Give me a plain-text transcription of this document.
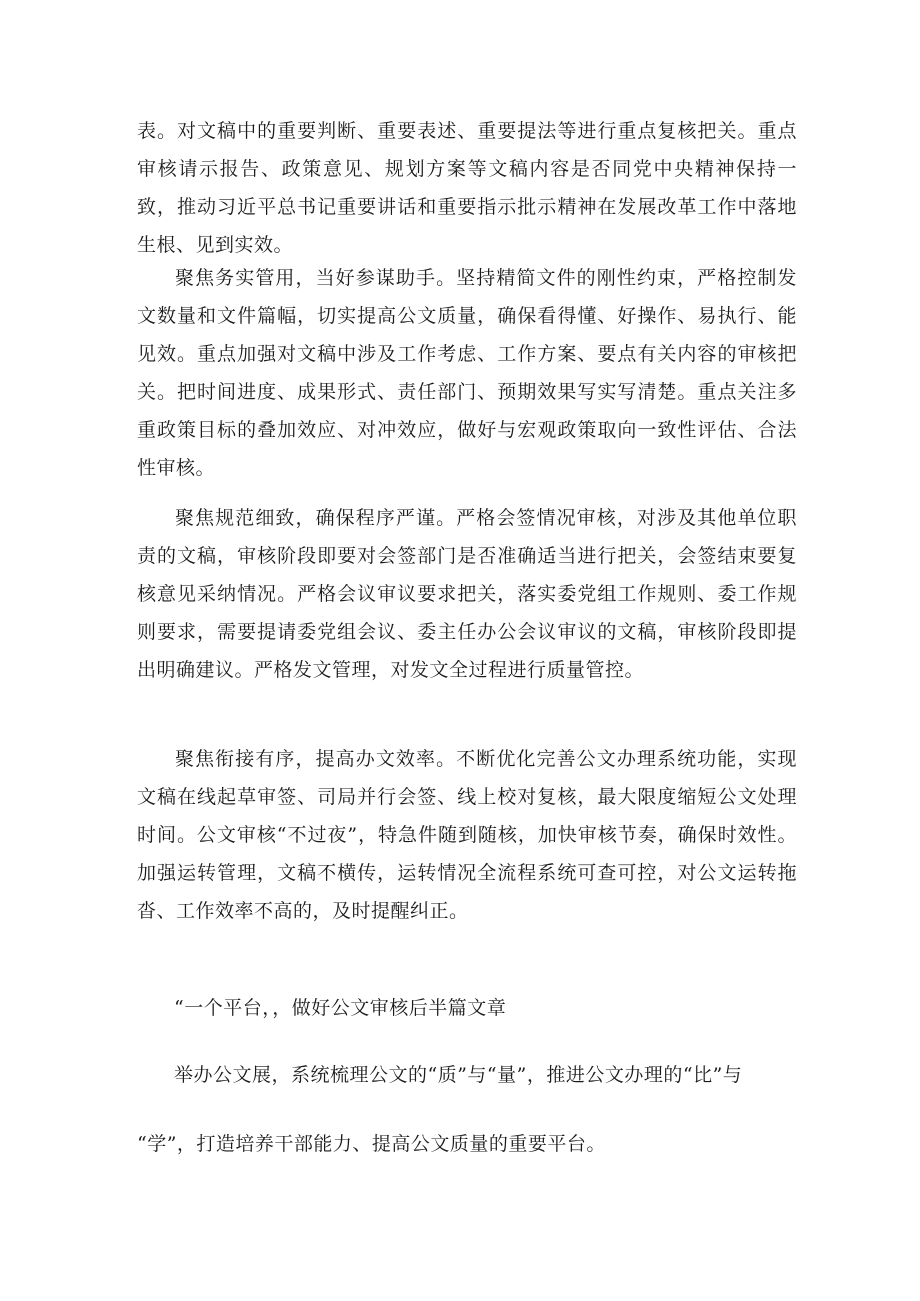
表。对文稿中的重要判断、重要表述、重要提法等进行重点复核把关。重点审核请示报告、政策意见、规划方案等文稿内容是否同党中央精神保持一致，推动习近平总书记重要讲话和重要指示批示精神在发展改革工作中落地生根、见到实效。

聚焦务实管用，当好参谋助手。坚持精简文件的刚性约束，严格控制发文数量和文件篇幅，切实提高公文质量，确保看得懂、好操作、易执行、能见效。重点加强对文稿中涉及工作考虑、工作方案、要点有关内容的审核把关。把时间进度、成果形式、责任部门、预期效果写实写清楚。重点关注多重政策目标的叠加效应、对冲效应，做好与宏观政策取向一致性评估、合法性审核。

聚焦规范细致，确保程序严谨。严格会签情况审核，对涉及其他单位职责的文稿，审核阶段即要对会签部门是否准确适当进行把关，会签结束要复核意见采纳情况。严格会议审议要求把关，落实委党组工作规则、委工作规则要求，需要提请委党组会议、委主任办公会议审议的文稿，审核阶段即提出明确建议。严格发文管理，对发文全过程进行质量管控。

聚焦衔接有序，提高办文效率。不断优化完善公文办理系统功能，实现文稿在线起草审签、司局并行会签、线上校对复核，最大限度缩短公文处理时间。公文审核“不过夜”，特急件随到随核，加快审核节奏，确保时效性。加强运转管理，文稿不横传，运转情况全流程系统可查可控，对公文运转拖沓、工作效率不高的，及时提醒纠正。

“一个平台，，做好公文审核后半篇文章

举办公文展，系统梳理公文的“质”与“量”，推进公文办理的“比”与

“学”，打造培养干部能力、提高公文质量的重要平台。
